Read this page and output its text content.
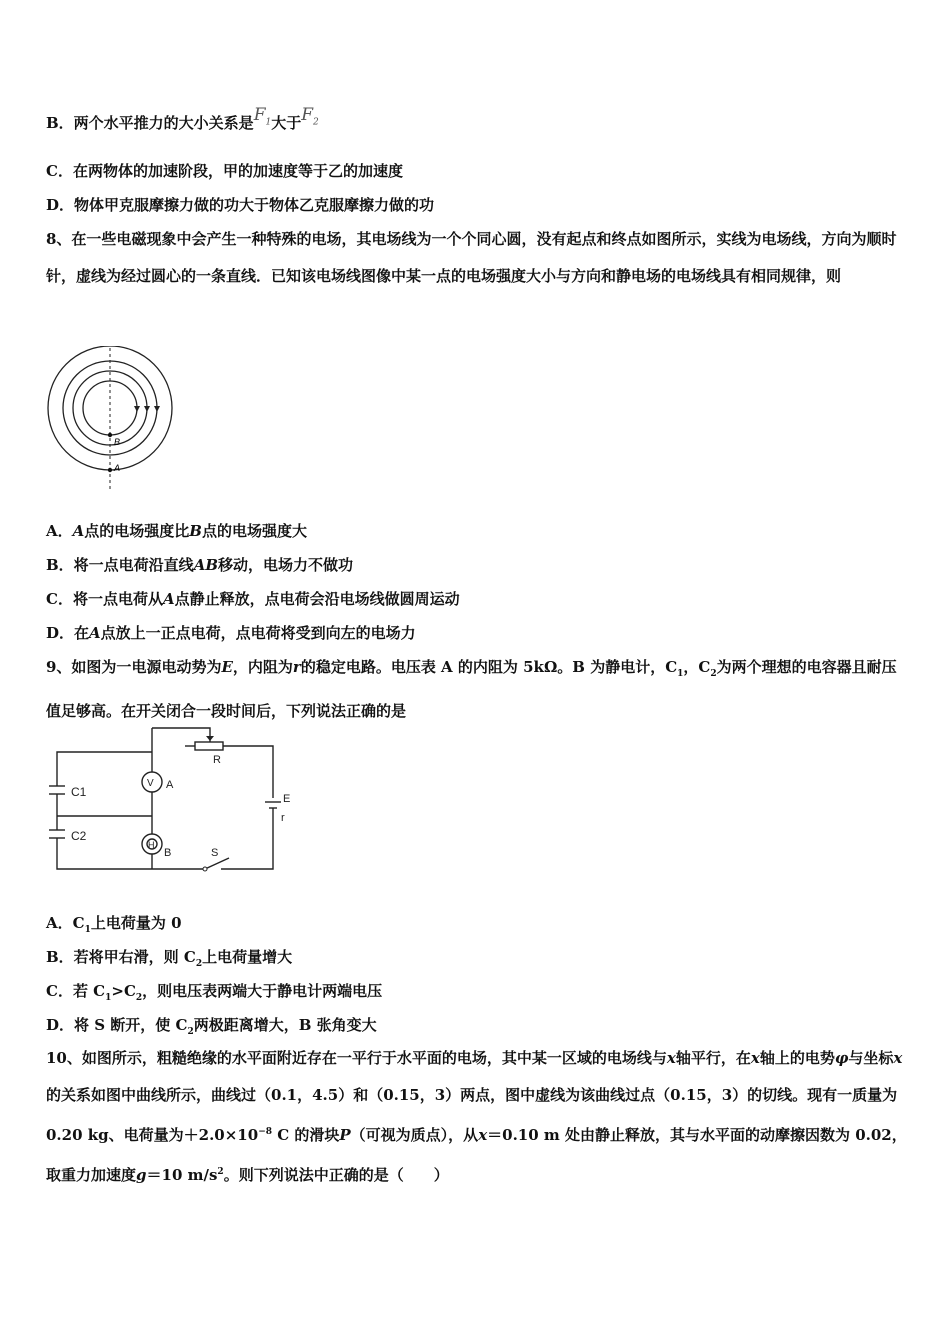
B．两个水平推力的大小关系是$F_1$大于$F_2$
C．在两物体的加速阶段，甲的加速度等于乙的加速度
D．物体甲克服摩擦力做的功大于物体乙克服摩擦力做的功
8、在一些电磁现象中会产生一种特殊的电场，其电场线为一个个同心圆，没有起点和终点如图所示，实线为电场线，方向为顺时针，虚线为经过圆心的一条直线．已知该电场线图像中某一点的电场强度大小与方向和静电场的电场线具有相同规律，则
B
A
A．A点的电场强度比B点的电场强度大
B．将一点电荷沿直线AB移动，电场力不做功
C．将一点电荷从A点静止释放，点电荷会沿电场线做圆周运动
D．在A点放上一正点电荷，点电荷将受到向左的电场力
9、如图为一电源电动势为E，内阻为r的稳定电路。电压表 A 的内阻为 5kΩ。B 为静电计，$C_1$，$C_2$为两个理想的电容器且耐压值足够高。在开关闭合一段时间后，下列说法正确的是
C1
C2
V A
H
B
R
E
r
S
A．$C_1$上电荷量为 0
B．若将甲右滑，则 $C_2$上电荷量增大
C．若 $C_1>C_2$，则电压表两端大于静电计两端电压
D．将 S 断开，使 $C_2$两极距离增大，B 张角变大
10、如图所示，粗糙绝缘的水平面附近存在一平行于水平面的电场，其中某一区域的电场线与x轴平行，在x轴上的电势φ与坐标x的关系如图中曲线所示，曲线过（0.1，4.5）和（0.15，3）两点，图中虚线为该曲线过点（0.15，3）的切线。现有一质量为 0.20 kg、电荷量为$+2.0\times 10^{-8}$ C 的滑块P（可视为质点），从x＝0.10 m 处由静止释放，其与水平面的动摩擦因数为 0.02，取重力加速度g＝10 $m/s^2$。则下列说法中正确的是（　　）
